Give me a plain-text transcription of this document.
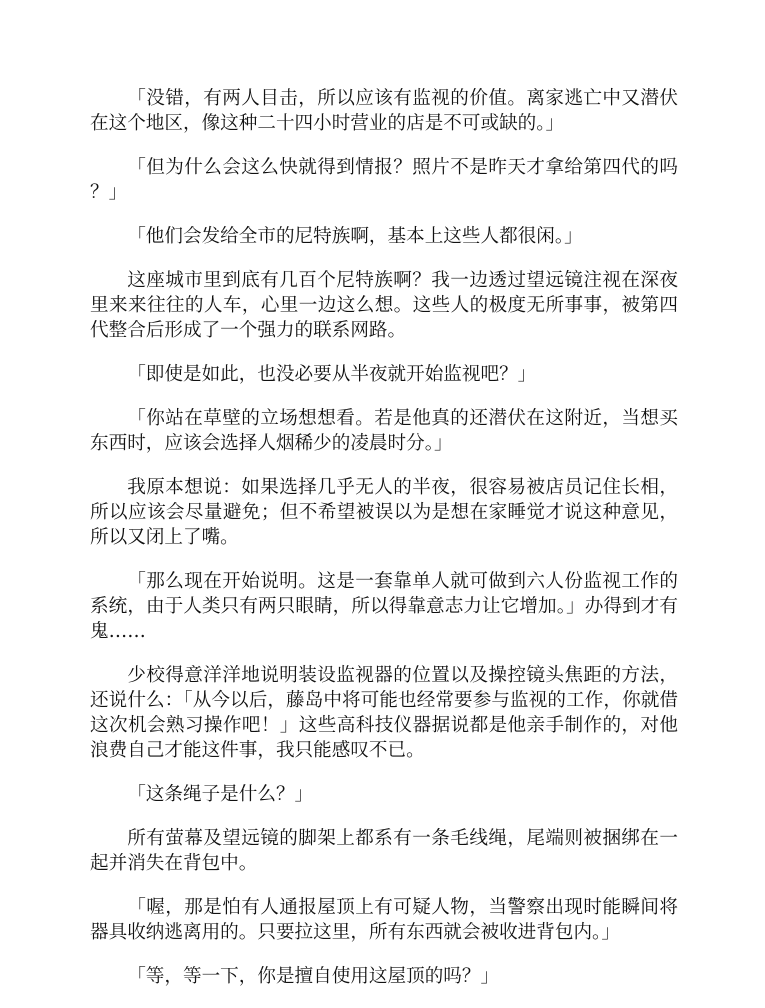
「没错，有两人目击，所以应该有监视的价值。离家逃亡中又潜伏在这个地区，像这种二十四小时营业的店是不可或缺的。」

「但为什么会这么快就得到情报？照片不是昨天才拿给第四代的吗？」

「他们会发给全市的尼特族啊，基本上这些人都很闲。」

这座城市里到底有几百个尼特族啊？我一边透过望远镜注视在深夜里来来往往的人车，心里一边这么想。这些人的极度无所事事，被第四代整合后形成了一个强力的联系网路。

「即使是如此，也没必要从半夜就开始监视吧？」

「你站在草壁的立场想想看。若是他真的还潜伏在这附近，当想买东西时，应该会选择人烟稀少的凌晨时分。」

我原本想说：如果选择几乎无人的半夜，很容易被店员记住长相，所以应该会尽量避免；但不希望被误以为是想在家睡觉才说这种意见，所以又闭上了嘴。

「那么现在开始说明。这是一套靠单人就可做到六人份监视工作的系统，由于人类只有两只眼睛，所以得靠意志力让它增加。」办得到才有鬼……

少校得意洋洋地说明装设监视器的位置以及操控镜头焦距的方法，还说什么：「从今以后，藤岛中将可能也经常要参与监视的工作，你就借这次机会熟习操作吧！」这些高科技仪器据说都是他亲手制作的，对他浪费自己才能这件事，我只能感叹不已。

「这条绳子是什么？」

所有萤幕及望远镜的脚架上都系有一条毛线绳，尾端则被捆绑在一起并消失在背包中。

「喔，那是怕有人通报屋顶上有可疑人物，当警察出现时能瞬间将器具收纳逃离用的。只要拉这里，所有东西就会被收进背包内。」

「等，等一下，你是擅自使用这屋顶的吗？」
